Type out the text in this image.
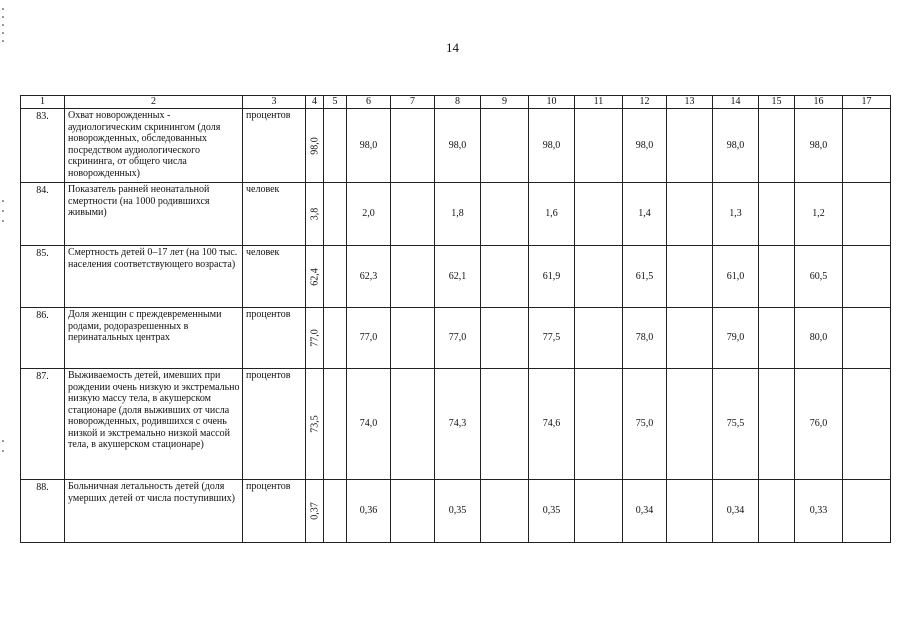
14
1	2	3	4	5	6	7	8	9	10	11	12	13	14	15	16	17
83.	Охват новорожденных - аудиологическим скринингом (доля новорожденных, обследованных посредством аудиологического скрининга, от общего числа новорожденных)	процентов	98,0		98,0		98,0		98,0		98,0		98,0		98,0	
84.	Показатель ранней неонатальной смертности (на 1000 родившихся живыми)	человек	3,8		2,0		1,8		1,6		1,4		1,3		1,2	
85.	Смертность детей 0–17 лет (на 100 тыс. населения соответствующего возраста)	человек	62,4		62,3		62,1		61,9		61,5		61,0		60,5	
86.	Доля женщин с преждевременными родами, родоразрешенных в перинатальных центрах	процентов	77,0		77,0		77,0		77,5		78,0		79,0		80,0	
87.	Выживаемость детей, имевших при рождении очень низкую и экстремально низкую массу тела, в акушерском стационаре (доля выживших от числа новорожденных, родившихся с очень низкой и экстремально низкой массой тела, в акушерском стационаре)	процентов	73,5		74,0		74,3		74,6		75,0		75,5		76,0	
88.	Больничная летальность детей (доля умерших детей от числа поступивших)	процентов	0,37		0,36		0,35		0,35		0,34		0,34		0,33	
